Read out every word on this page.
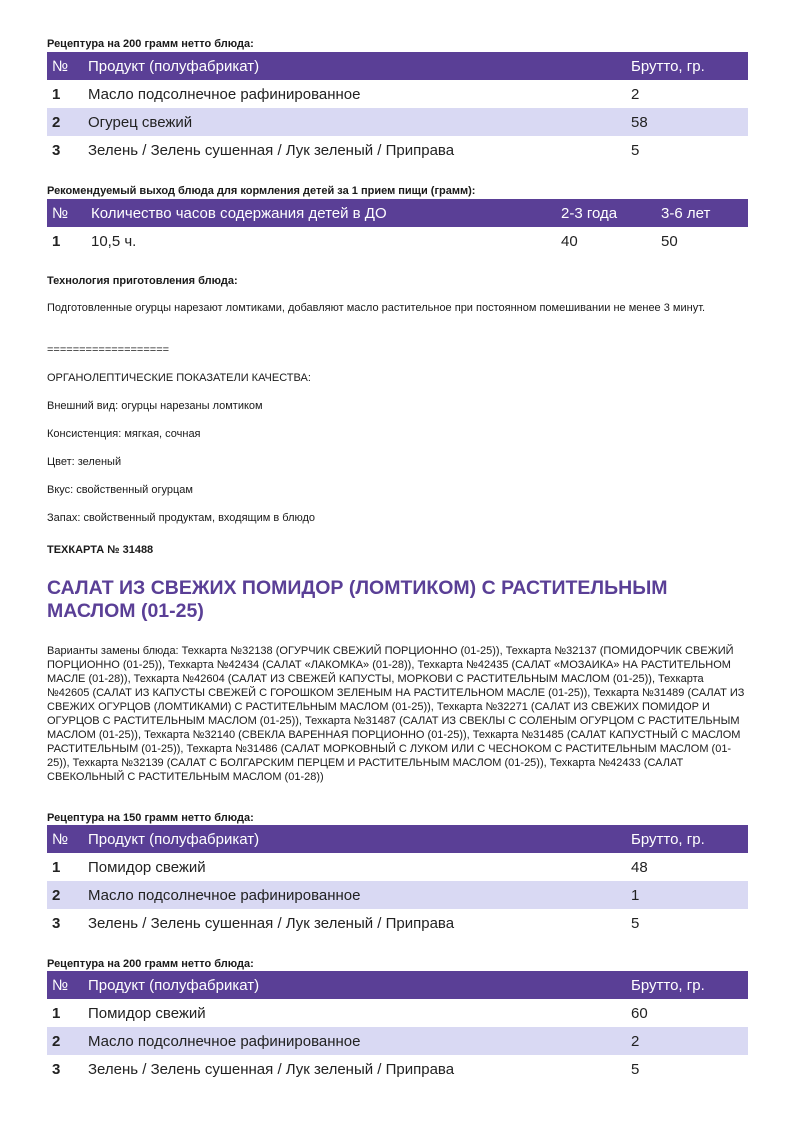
Рецептура на 200 грамм нетто блюда:
№	Продукт (полуфабрикат)	Брутто, гр.
1	Масло подсолнечное рафинированное	2
2	Огурец свежий	58
3	Зелень / Зелень сушенная / Лук зеленый / Приправа	5
Рекомендуемый выход блюда для кормления детей за 1 прием пищи (грамм):
№	Количество часов содержания детей в ДО	2-3 года	3-6 лет
1	10,5 ч.	40	50
Технология приготовления блюда:
Подготовленные огурцы нарезают ломтиками, добавляют масло растительное при постоянном помешивании не менее 3 минут.
===================
ОРГАНОЛЕПТИЧЕСКИЕ ПОКАЗАТЕЛИ КАЧЕСТВА:
Внешний вид: огурцы нарезаны ломтиком
Консистенция: мягкая, сочная
Цвет: зеленый
Вкус: свойственный огурцам
Запах: свойственный продуктам, входящим в блюдо
ТЕХКАРТА № 31488
САЛАТ ИЗ СВЕЖИХ ПОМИДОР (ЛОМТИКОМ) С РАСТИТЕЛЬНЫМ МАСЛОМ (01-25)
Варианты замены блюда: Техкарта №32138 (ОГУРЧИК СВЕЖИЙ ПОРЦИОННО (01-25)), Техкарта №32137 (ПОМИДОРЧИК СВЕЖИЙ ПОРЦИОННО (01-25)), Техкарта №42434 (САЛАТ «ЛАКОМКА» (01-28)), Техкарта №42435 (САЛАТ «МОЗАИКА» НА РАСТИТЕЛЬНОМ МАСЛЕ (01-28)), Техкарта №42604 (САЛАТ ИЗ СВЕЖЕЙ КАПУСТЫ, МОРКОВИ С РАСТИТЕЛЬНЫМ МАСЛОМ (01-25)), Техкарта №42605 (САЛАТ ИЗ КАПУСТЫ СВЕЖЕЙ С ГОРОШКОМ ЗЕЛЕНЫМ НА РАСТИТЕЛЬНОМ МАСЛЕ (01-25)), Техкарта №31489 (САЛАТ ИЗ СВЕЖИХ ОГУРЦОВ (ЛОМТИКАМИ) С РАСТИТЕЛЬНЫМ МАСЛОМ (01-25)), Техкарта №32271 (САЛАТ ИЗ СВЕЖИХ ПОМИДОР И ОГУРЦОВ С РАСТИТЕЛЬНЫМ МАСЛОМ (01-25)), Техкарта №31487 (САЛАТ ИЗ СВЕКЛЫ С СОЛЕНЫМ ОГУРЦОМ С РАСТИТЕЛЬНЫМ МАСЛОМ (01-25)), Техкарта №32140 (СВЕКЛА ВАРЕННАЯ ПОРЦИОННО (01-25)), Техкарта №31485 (САЛАТ КАПУСТНЫЙ С МАСЛОМ РАСТИТЕЛЬНЫМ (01-25)), Техкарта №31486 (САЛАТ МОРКОВНЫЙ С ЛУКОМ ИЛИ С ЧЕСНОКОМ С РАСТИТЕЛЬНЫМ МАСЛОМ (01-25)), Техкарта №32139 (САЛАТ С БОЛГАРСКИМ ПЕРЦЕМ И РАСТИТЕЛЬНЫМ МАСЛОМ (01-25)), Техкарта №42433 (САЛАТ СВЕКОЛЬНЫЙ С РАСТИТЕЛЬНЫМ МАСЛОМ (01-28))
Рецептура на 150 грамм нетто блюда:
№	Продукт (полуфабрикат)	Брутто, гр.
1	Помидор свежий	48
2	Масло подсолнечное рафинированное	1
3	Зелень / Зелень сушенная / Лук зеленый / Приправа	5
Рецептура на 200 грамм нетто блюда:
№	Продукт (полуфабрикат)	Брутто, гр.
1	Помидор свежий	60
2	Масло подсолнечное рафинированное	2
3	Зелень / Зелень сушенная / Лук зеленый / Приправа	5
